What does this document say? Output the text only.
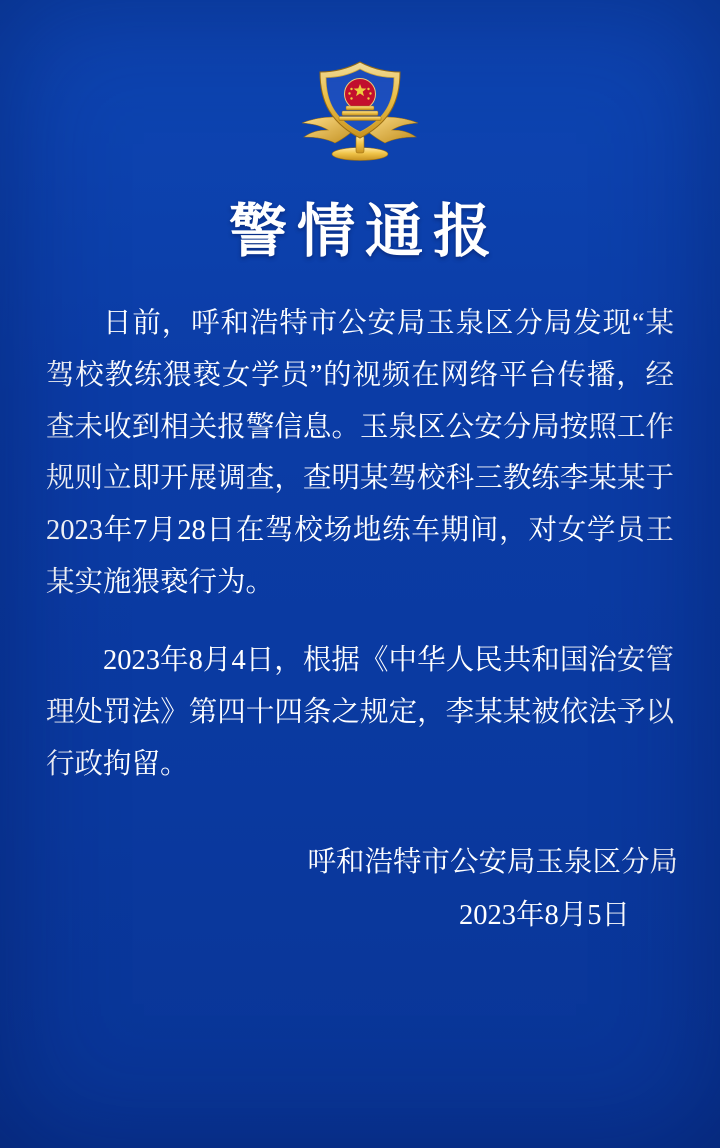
警情通报

日前，呼和浩特市公安局玉泉区分局发现“某驾校教练猥亵女学员”的视频在网络平台传播，经查未收到相关报警信息。玉泉区公安分局按照工作规则立即开展调查，查明某驾校科三教练李某某于2023年7月28日在驾校场地练车期间，对女学员王某实施猥亵行为。

2023年8月4日，根据《中华人民共和国治安管理处罚法》第四十四条之规定，李某某被依法予以行政拘留。

呼和浩特市公安局玉泉区分局
2023年8月5日
